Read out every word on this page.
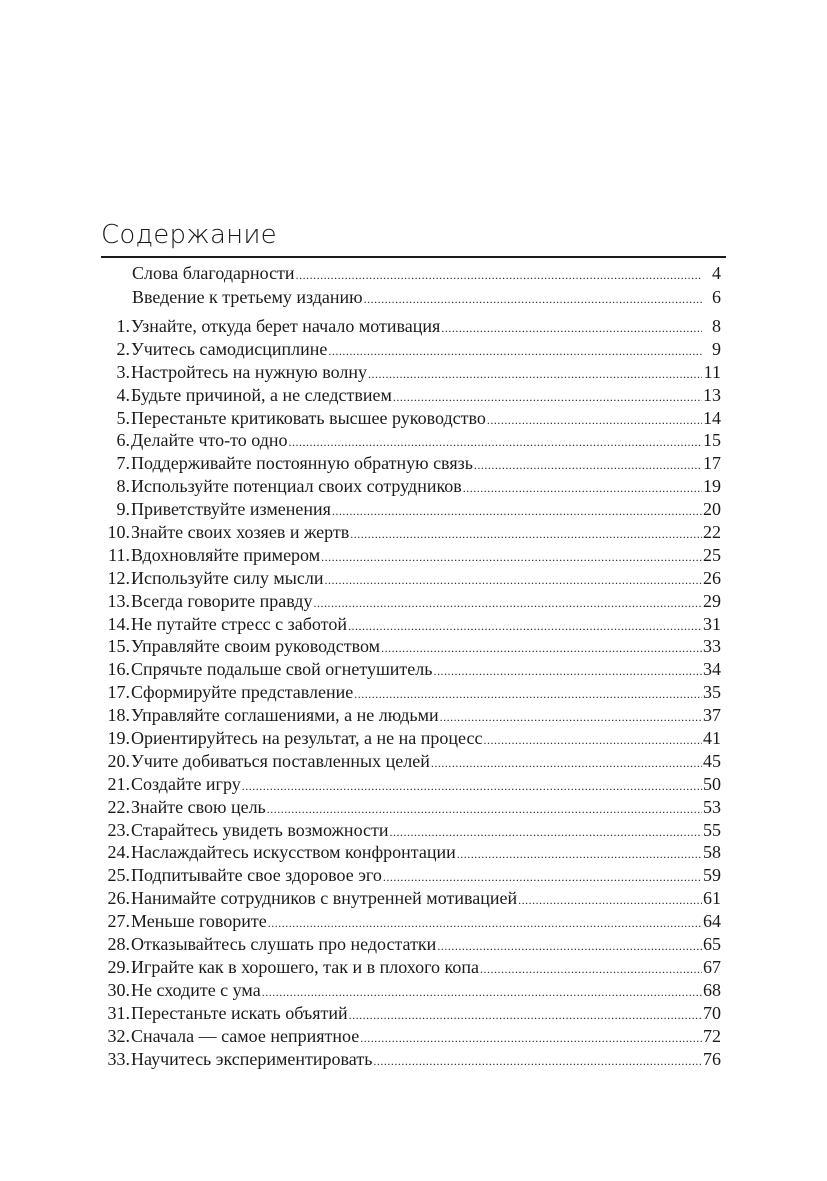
Содержание
Слова благодарности .....	4
Введение к третьему изданию .....	6
1. Узнайте, откуда берет начало мотивация .....	8
2. Учитесь самодисциплине .....	9
3. Настройтесь на нужную волну .....	11
4. Будьте причиной, а не следствием .....	13
5. Перестаньте критиковать высшее руководство .....	14
6. Делайте что-то одно .....	15
7. Поддерживайте постоянную обратную связь .....	17
8. Используйте потенциал своих сотрудников .....	19
9. Приветствуйте изменения .....	20
10. Знайте своих хозяев и жертв .....	22
11. Вдохновляйте примером .....	25
12. Используйте силу мысли .....	26
13. Всегда говорите правду .....	29
14. Не путайте стресс с заботой .....	31
15. Управляйте своим руководством .....	33
16. Спрячьте подальше свой огнетушитель .....	34
17. Сформируйте представление .....	35
18. Управляйте соглашениями, а не людьми .....	37
19. Ориентируйтесь на результат, а не на процесс .....	41
20. Учите добиваться поставленных целей .....	45
21. Создайте игру .....	50
22. Знайте свою цель .....	53
23. Старайтесь увидеть возможности .....	55
24. Наслаждайтесь искусством конфронтации .....	58
25. Подпитывайте свое здоровое эго .....	59
26. Нанимайте сотрудников с внутренней мотивацией .....	61
27. Меньше говорите .....	64
28. Отказывайтесь слушать про недостатки .....	65
29. Играйте как в хорошего, так и в плохого копа .....	67
30. Не сходите с ума .....	68
31. Перестаньте искать объятий .....	70
32. Сначала — самое неприятное .....	72
33. Научитесь экспериментировать .....	76
